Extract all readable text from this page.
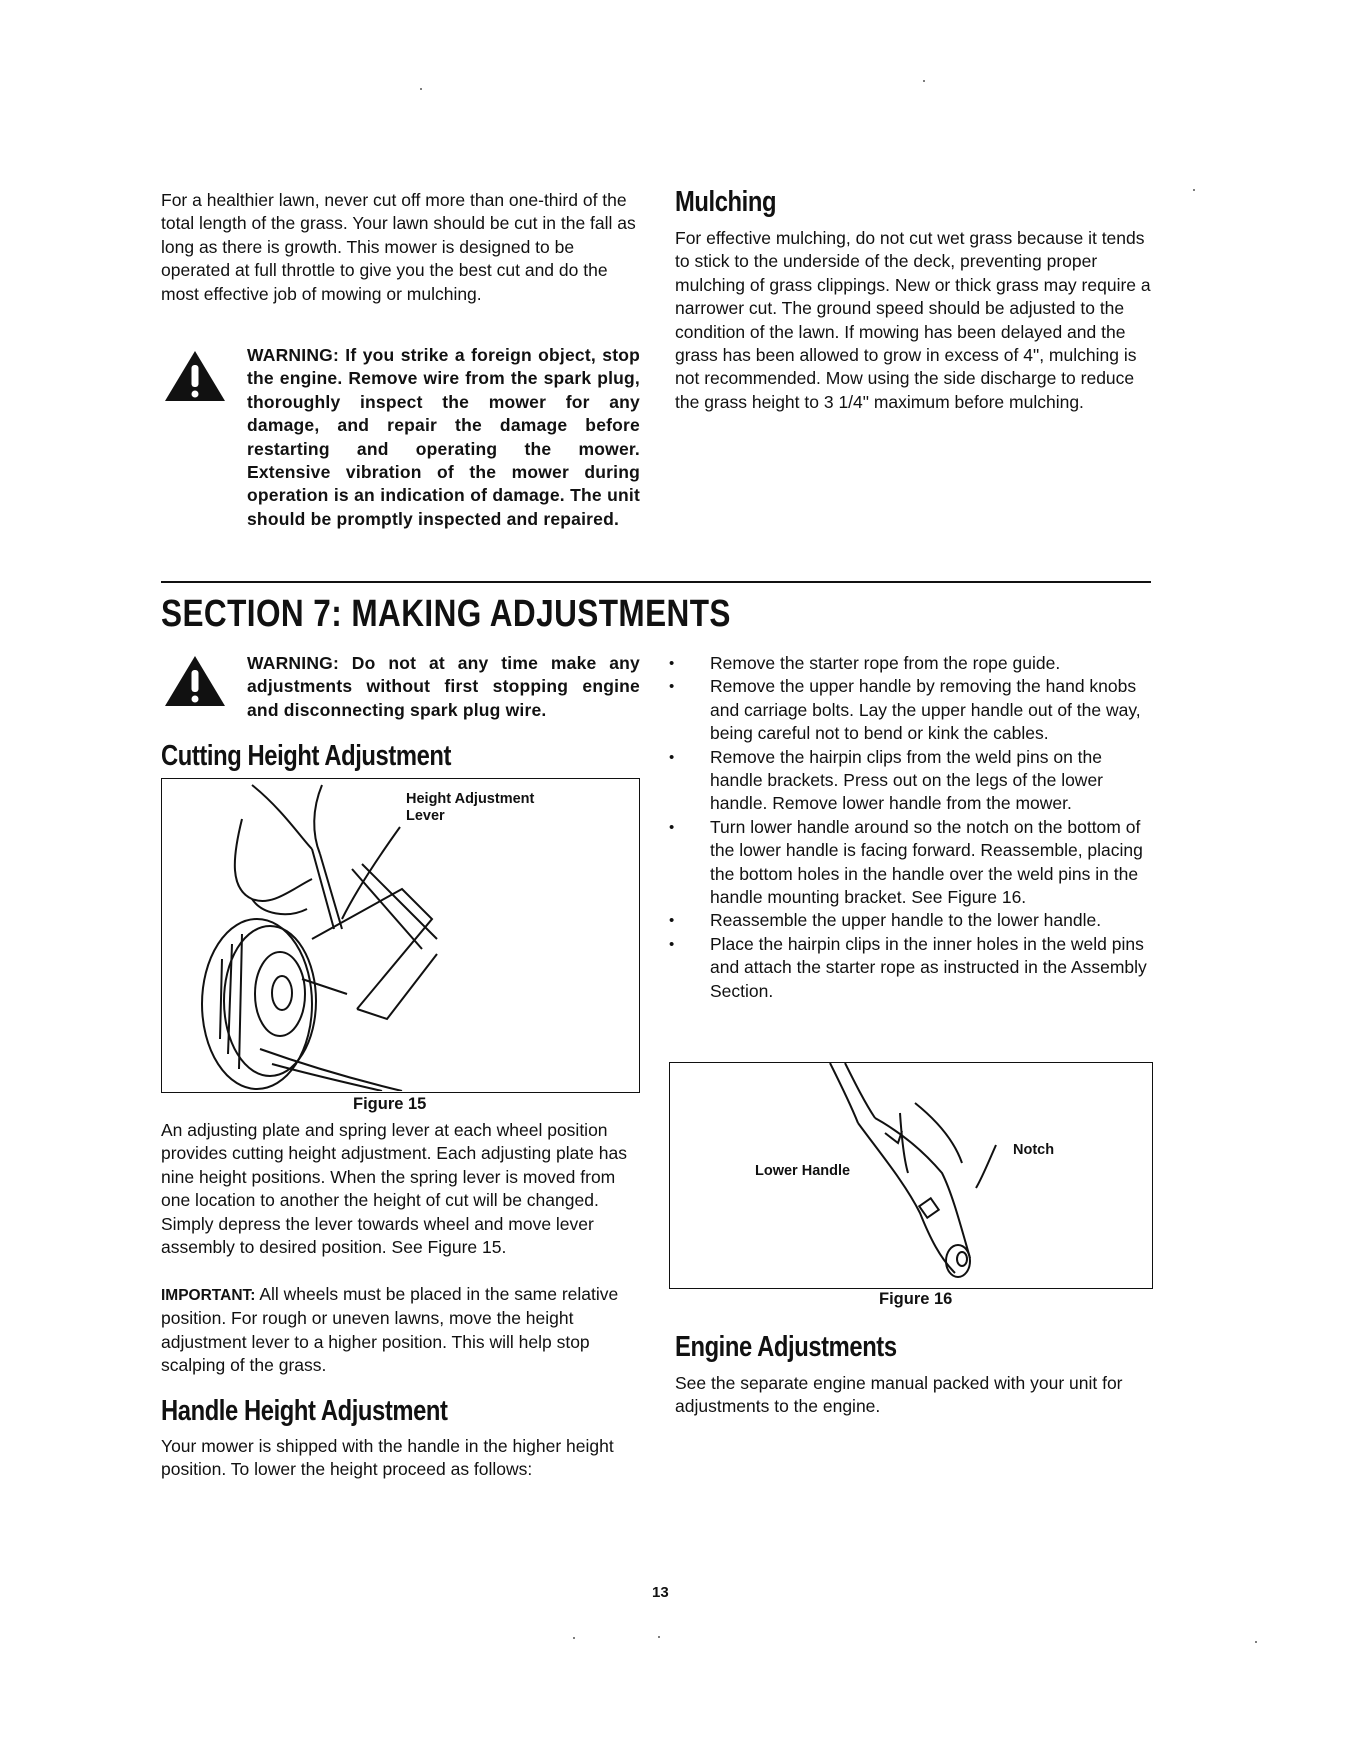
For a healthier lawn, never cut off more than one-third of the total length of the grass. Your lawn should be cut in the fall as long as there is growth. This mower is designed to be operated at full throttle to give you the best cut and do the most effective job of mowing or mulching.

WARNING: If you strike a foreign object, stop the engine. Remove wire from the spark plug, thoroughly inspect the mower for any damage, and repair the damage before restarting and operating the mower. Extensive vibration of the mower during operation is an indication of damage. The unit should be promptly inspected and repaired.

Mulching

For effective mulching, do not cut wet grass because it tends to stick to the underside of the deck, preventing proper mulching of grass clippings. New or thick grass may require a narrower cut. The ground speed should be adjusted to the condition of the lawn. If mowing has been delayed and the grass has been allowed to grow in excess of 4", mulching is not recommended. Mow using the side discharge to reduce the grass height to 3 1/4" maximum before mulching.

SECTION 7: MAKING ADJUSTMENTS

WARNING: Do not at any time make any adjustments without first stopping engine and disconnecting spark plug wire.

Cutting Height Adjustment
Height Adjustment Lever
Figure 15

An adjusting plate and spring lever at each wheel position provides cutting height adjustment. Each adjusting plate has nine height positions. When the spring lever is moved from one location to another the height of cut will be changed. Simply depress the lever towards wheel and move lever assembly to desired position. See Figure 15.

IMPORTANT: All wheels must be placed in the same relative position. For rough or uneven lawns, move the height adjustment lever to a higher position. This will help stop scalping of the grass.

Handle Height Adjustment

Your mower is shipped with the handle in the higher height position. To lower the height proceed as follows:

• Remove the starter rope from the rope guide.
• Remove the upper handle by removing the hand knobs and carriage bolts. Lay the upper handle out of the way, being careful not to bend or kink the cables.
• Remove the hairpin clips from the weld pins on the handle brackets. Press out on the legs of the lower handle. Remove lower handle from the mower.
• Turn lower handle around so the notch on the bottom of the lower handle is facing forward. Reassemble, placing the bottom holes in the handle over the weld pins in the handle mounting bracket. See Figure 16.
• Reassemble the upper handle to the lower handle.
• Place the hairpin clips in the inner holes in the weld pins and attach the starter rope as instructed in the Assembly Section.
Lower Handle
Notch
Figure 16
Engine Adjustments

See the separate engine manual packed with your unit for adjustments to the engine.

13
